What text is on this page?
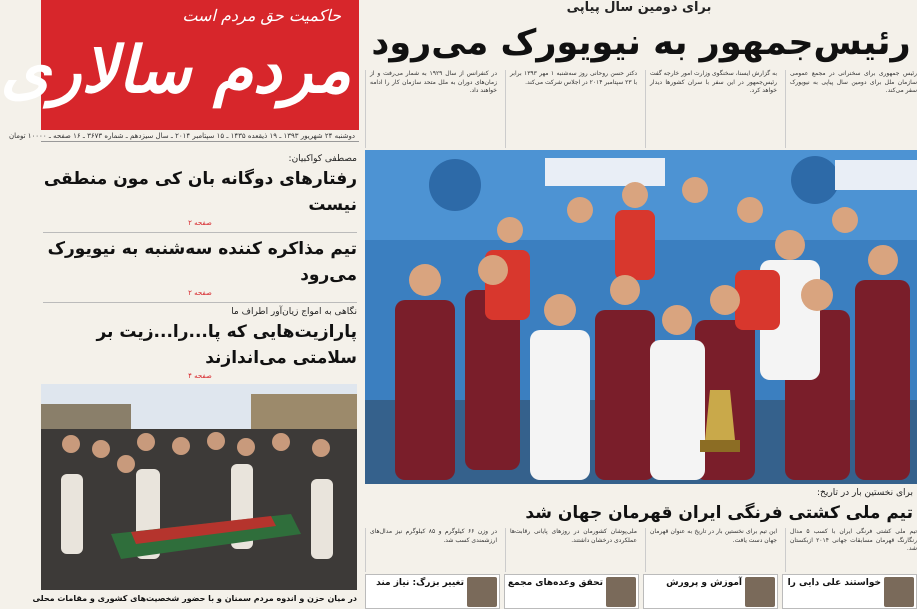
حاکمیت حق مردم است
مردم سالاری
دوشنبه ۲۴ شهریور ۱۳۹۳ ـ ۱۹ ذیقعده ۱۴۳۵ ـ ۱۵ سپتامبر ۲۰۱۴ ـ سال سیزدهم ـ شماره ۳۶۷۳ ـ ۱۶ صفحه ـ ۱۰۰۰۰ تومان
برای دومین سال پیاپی
رئیس‌جمهور به نیویورک می‌رود
رئیس جمهوری برای سخنرانی در مجمع عمومی سازمان ملل برای دومین سال پیاپی به نیویورک سفر می‌کند.
به گزارش ایسنا، سخنگوی وزارت امور خارجه گفت رئیس‌جمهور در این سفر با سران کشورها دیدار خواهد کرد.
دکتر حسن روحانی روز سه‌شنبه ۱ مهر ۱۳۹۳ برابر با ۲۳ سپتامبر ۲۰۱۴ در اجلاس شرکت می‌کند.
در کنفرانس از سال ۱۹۲۹ به شمار می‌رفت و از زمان‌های دوران به ملل متحد سازمان کار را ادامه خواهند داد.
برای نخستین بار در تاریخ:
تیم ملی کشتی فرنگی ایران قهرمان جهان شد
تیم ملی کشتی فرنگی ایران با کسب ۵ مدال رنگارنگ قهرمان مسابقات جهانی ۲۰۱۴ ازبکستان شد.
این تیم برای نخستین بار در تاریخ به عنوان قهرمان جهان دست یافت.
ملی‌پوشان کشورمان در روزهای پایانی رقابت‌ها عملکردی درخشان داشتند.
در وزن ۶۶ کیلوگرم و ۸۵ کیلوگرم نیز مدال‌های ارزشمندی کسب شد.
مصطفی کواکبیان:
رفتارهای دوگانه بان کی مون منطقی نیست
صفحه ۲
تیم مذاکره کننده سه‌شنبه به نیویورک می‌رود
صفحه ۲
نگاهی به امواج زیان‌آور اطراف ما
پارازیت‌هایی که پا...را...زیت بر سلامتی می‌اندازند
صفحه ۴
در میان حزن و اندوه مردم سمنان و با حضور شخصیت‌های کشوری و مقامات محلی
خواستند علی دایی را
آموزش و پرورش
تحقق وعده‌های مجمع
تغییر بزرگ: نیاز مند
